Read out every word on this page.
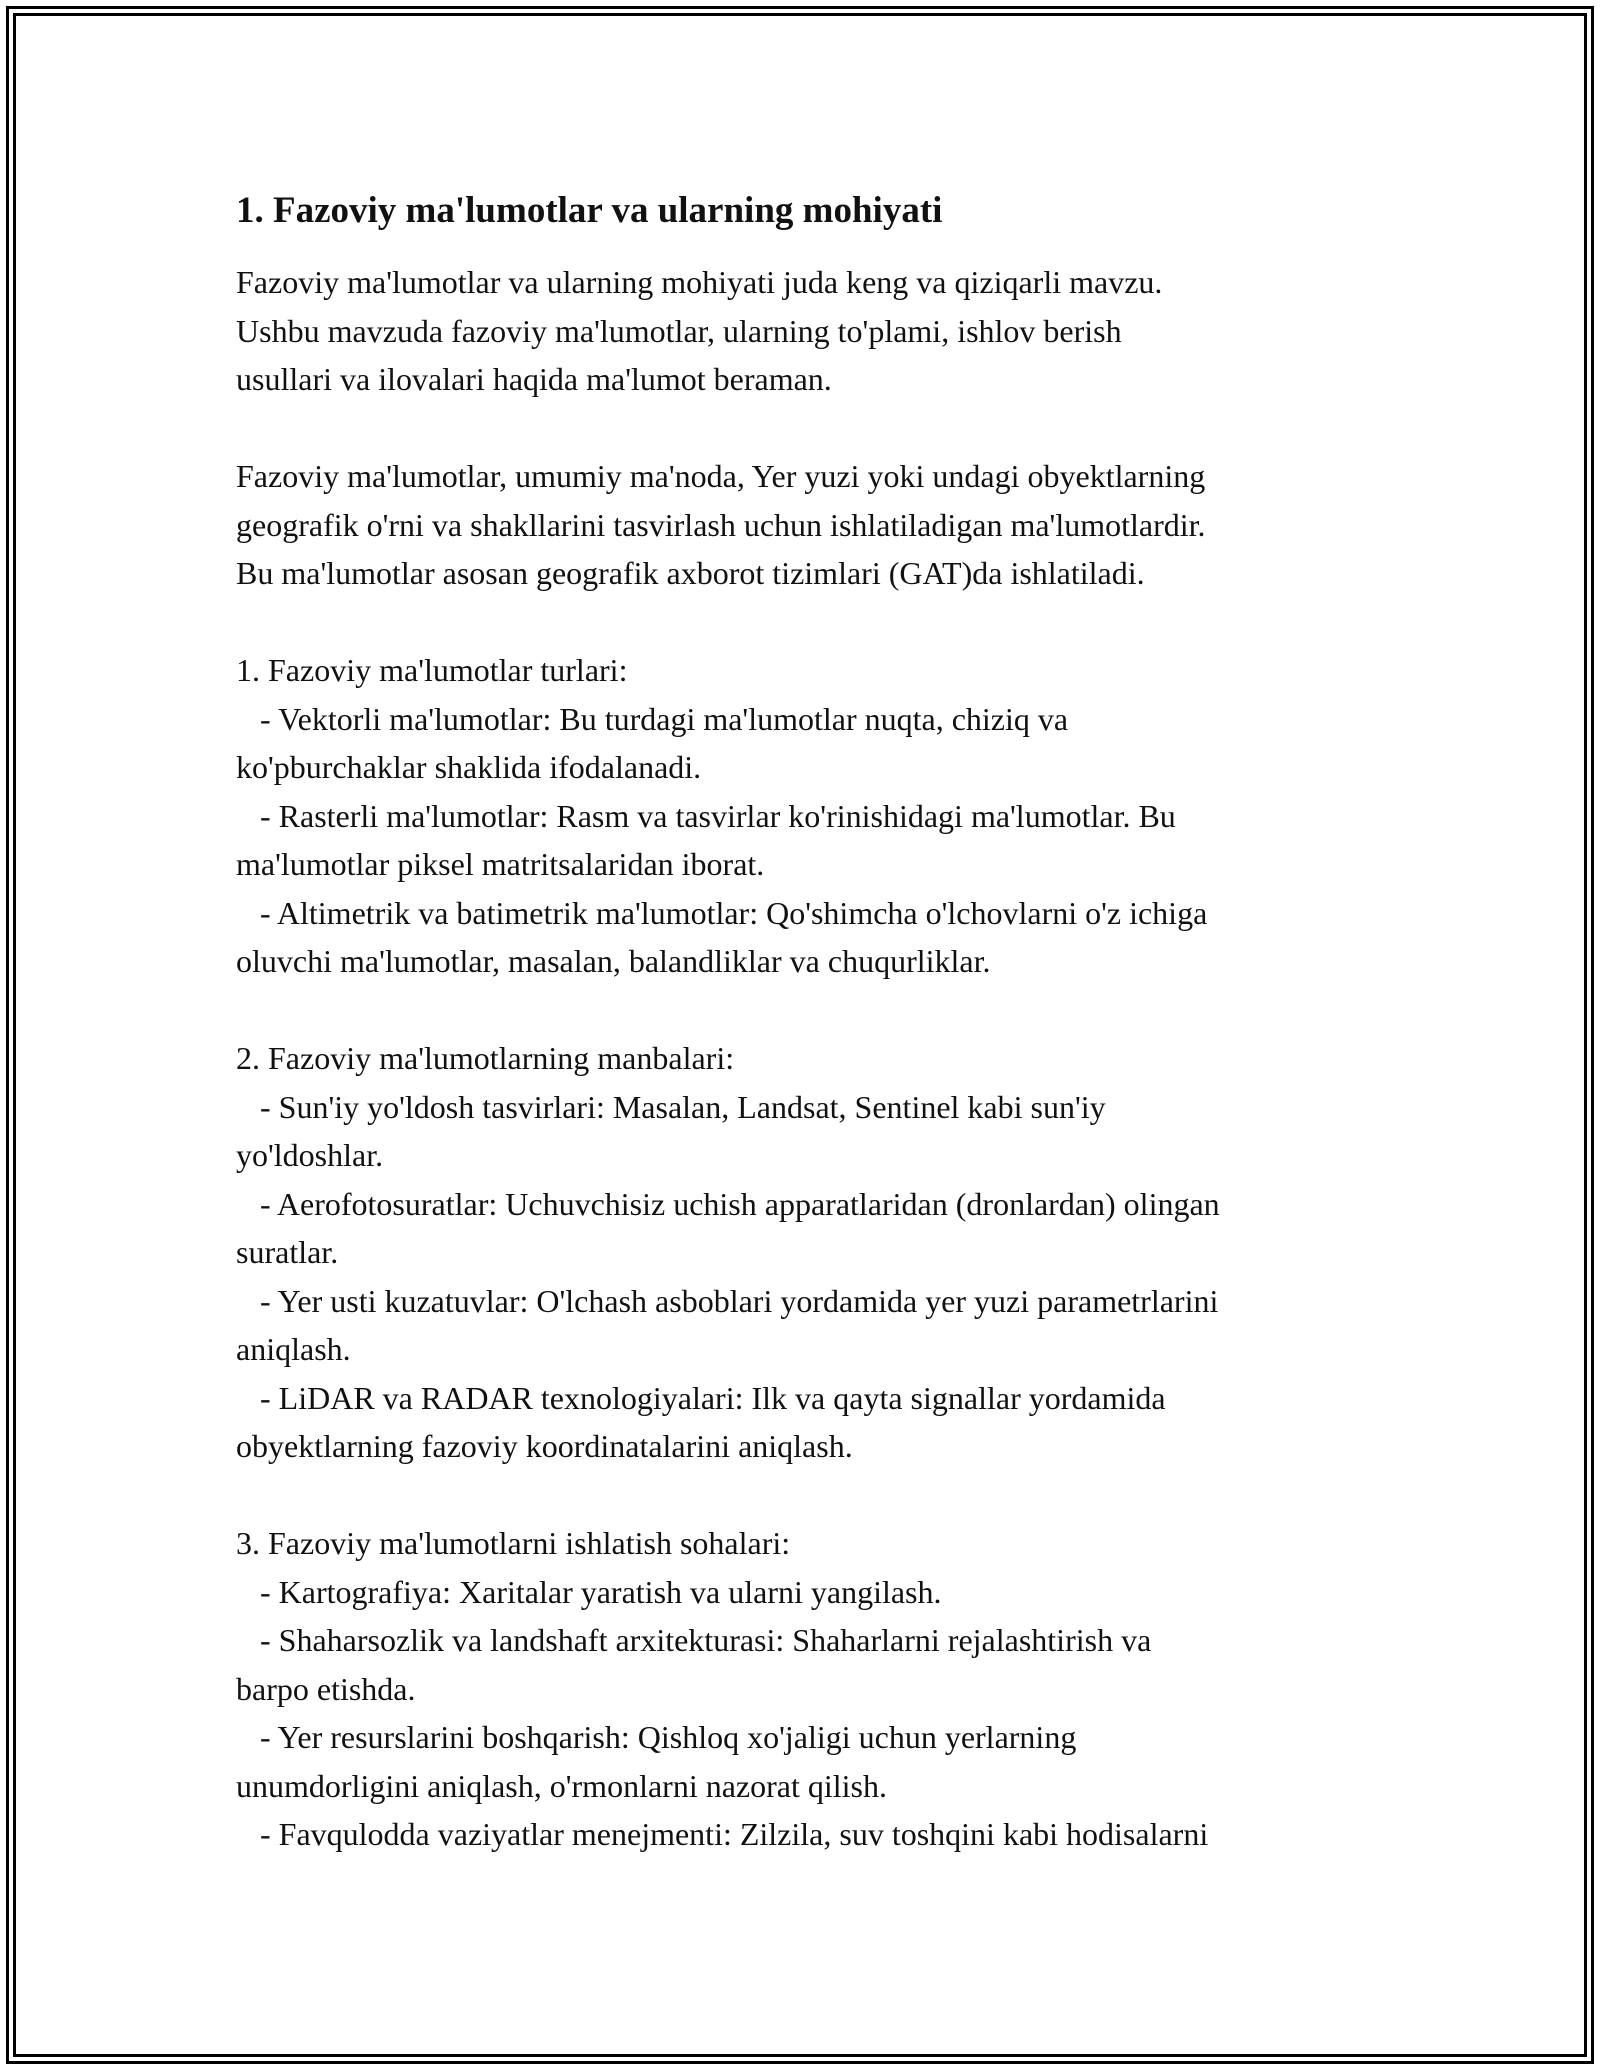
1. Fazoviy ma'lumotlar va ularning mohiyati
Fazoviy ma'lumotlar va ularning mohiyati juda keng va qiziqarli mavzu.
Ushbu mavzuda fazoviy ma'lumotlar, ularning to'plami, ishlov berish
usullari va ilovalari haqida ma'lumot beraman.
Fazoviy ma'lumotlar, umumiy ma'noda, Yer yuzi yoki undagi obyektlarning
geografik o'rni va shakllarini tasvirlash uchun ishlatiladigan ma'lumotlardir.
Bu ma'lumotlar asosan geografik axborot tizimlari (GAT)da ishlatiladi.
1. Fazoviy ma'lumotlar turlari:
- Vektorli ma'lumotlar: Bu turdagi ma'lumotlar nuqta, chiziq va
ko'pburchaklar shaklida ifodalanadi.
- Rasterli ma'lumotlar: Rasm va tasvirlar ko'rinishidagi ma'lumotlar. Bu
ma'lumotlar piksel matritsalaridan iborat.
- Altimetrik va batimetrik ma'lumotlar: Qo'shimcha o'lchovlarni o'z ichiga
oluvchi ma'lumotlar, masalan, balandliklar va chuqurliklar.
2. Fazoviy ma'lumotlarning manbalari:
- Sun'iy yo'ldosh tasvirlari: Masalan, Landsat, Sentinel kabi sun'iy
yo'ldoshlar.
- Aerofotosuratlar: Uchuvchisiz uchish apparatlaridan (dronlardan) olingan
suratlar.
- Yer usti kuzatuvlar: O'lchash asboblari yordamida yer yuzi parametrlarini
aniqlash.
- LiDAR va RADAR texnologiyalari: Ilk va qayta signallar yordamida
obyektlarning fazoviy koordinatalarini aniqlash.
3. Fazoviy ma'lumotlarni ishlatish sohalari:
- Kartografiya: Xaritalar yaratish va ularni yangilash.
- Shaharsozlik va landshaft arxitekturasi: Shaharlarni rejalashtirish va
barpo etishda.
- Yer resurslarini boshqarish: Qishloq xo'jaligi uchun yerlarning
unumdorligini aniqlash, o'rmonlarni nazorat qilish.
- Favqulodda vaziyatlar menejmenti: Zilzila, suv toshqini kabi hodisalarni
